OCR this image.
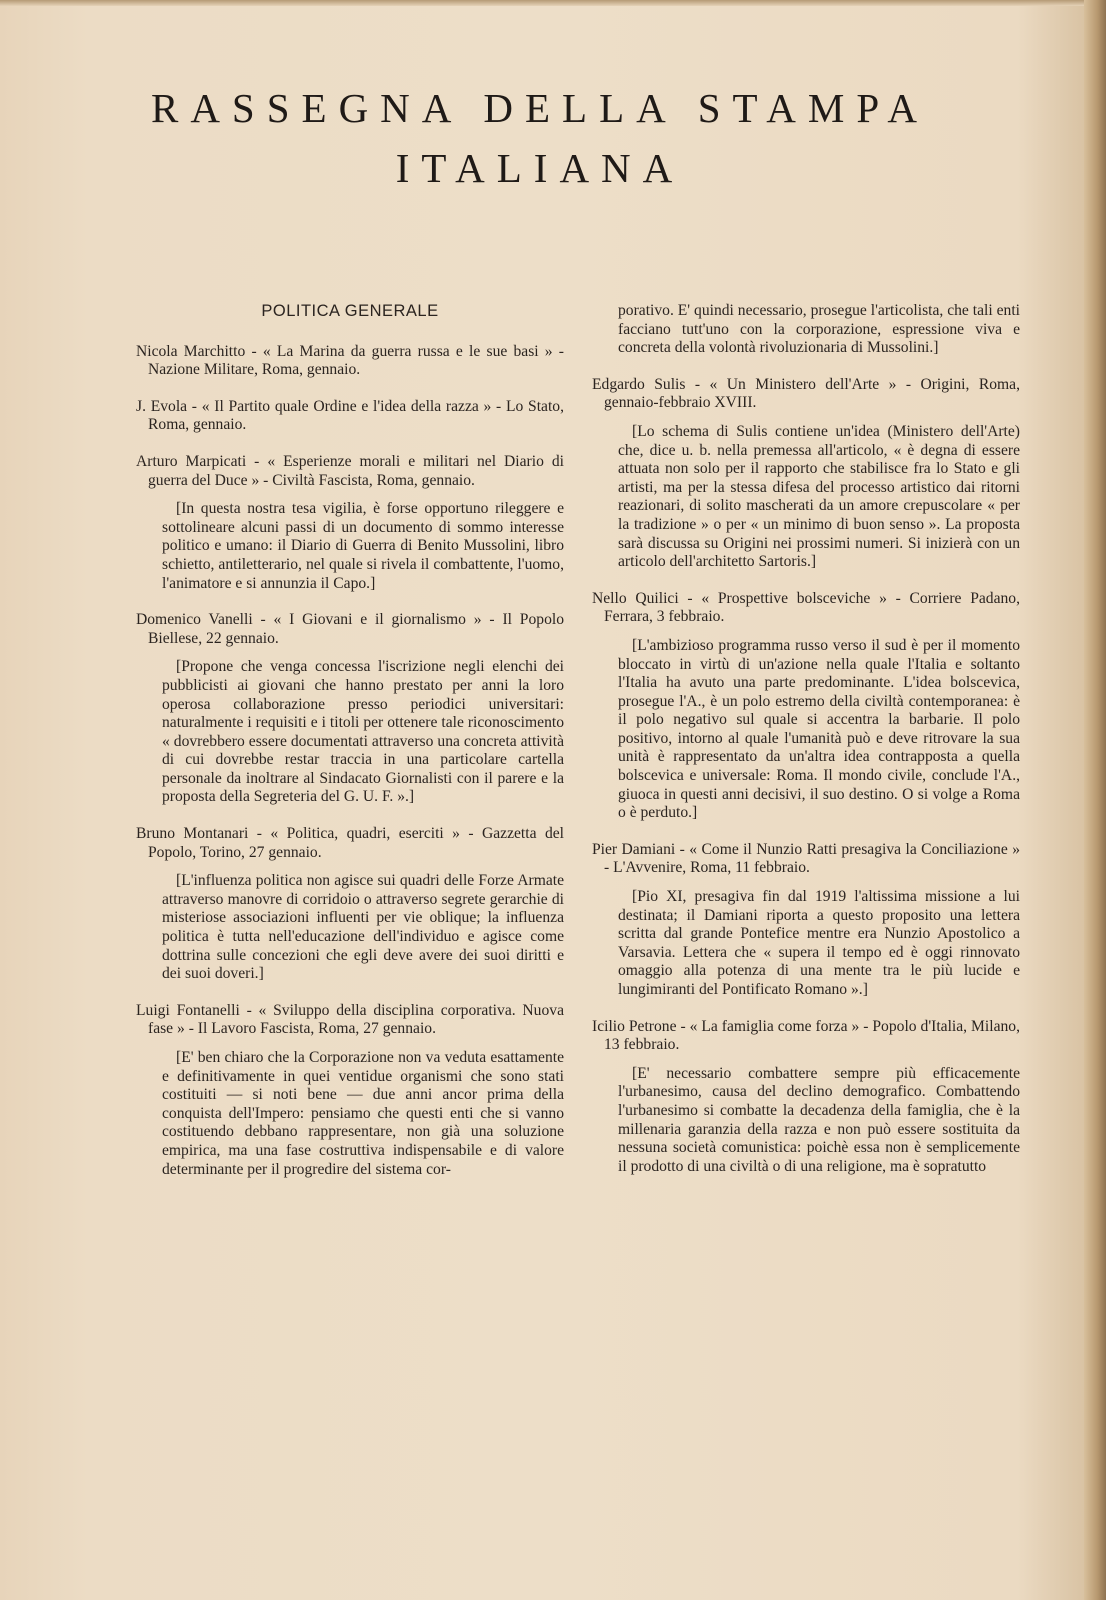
RASSEGNA DELLA STAMPA
ITALIANA
POLITICA GENERALE

Nicola Marchitto - « La Marina da guerra russa e le sue basi » - Nazione Militare, Roma, gennaio.

J. Evola - « Il Partito quale Ordine e l'idea della razza » - Lo Stato, Roma, gennaio.

Arturo Marpicati - « Esperienze morali e militari nel Diario di guerra del Duce » - Civiltà Fascista, Roma, gennaio.

[In questa nostra tesa vigilia, è forse opportuno rileggere e sottolineare alcuni passi di un documento di sommo interesse politico e umano: il Diario di Guerra di Benito Mussolini, libro schietto, antiletterario, nel quale si rivela il combattente, l'uomo, l'animatore e si annunzia il Capo.]

Domenico Vanelli - « I Giovani e il giornalismo » - Il Popolo Biellese, 22 gennaio.

[Propone che venga concessa l'iscrizione negli elenchi dei pubblicisti ai giovani che hanno prestato per anni la loro operosa collaborazione presso periodici universitari: naturalmente i requisiti e i titoli per ottenere tale riconoscimento « dovrebbero essere documentati attraverso una concreta attività di cui dovrebbe restar traccia in una particolare cartella personale da inoltrare al Sindacato Giornalisti con il parere e la proposta della Segreteria del G. U. F. ».]

Bruno Montanari - « Politica, quadri, eserciti » - Gazzetta del Popolo, Torino, 27 gennaio.

[L'influenza politica non agisce sui quadri delle Forze Armate attraverso manovre di corridoio o attraverso segrete gerarchie di misteriose associazioni influenti per vie oblique; la influenza politica è tutta nell'educazione dell'individuo e agisce come dottrina sulle concezioni che egli deve avere dei suoi diritti e dei suoi doveri.]

Luigi Fontanelli - « Sviluppo della disciplina corporativa. Nuova fase » - Il Lavoro Fascista, Roma, 27 gennaio.

[E' ben chiaro che la Corporazione non va veduta esattamente e definitivamente in quei ventidue organismi che sono stati costituiti — si noti bene — due anni ancor prima della conquista dell'Impero: pensiamo che questi enti che si vanno costituendo debbano rappresentare, non già una soluzione empirica, ma una fase costruttiva indispensabile e di valore determinante per il progredire del sistema cor-

porativo. E' quindi necessario, prosegue l'articolista, che tali enti facciano tutt'uno con la corporazione, espressione viva e concreta della volontà rivoluzionaria di Mussolini.]

Edgardo Sulis - « Un Ministero dell'Arte » - Origini, Roma, gennaio-febbraio XVIII.

[Lo schema di Sulis contiene un'idea (Ministero dell'Arte) che, dice u. b. nella premessa all'articolo, « è degna di essere attuata non solo per il rapporto che stabilisce fra lo Stato e gli artisti, ma per la stessa difesa del processo artistico dai ritorni reazionari, di solito mascherati da un amore crepuscolare « per la tradizione » o per « un minimo di buon senso ». La proposta sarà discussa su Origini nei prossimi numeri. Si inizierà con un articolo dell'architetto Sartoris.]

Nello Quilici - « Prospettive bolsceviche » - Corriere Padano, Ferrara, 3 febbraio.

[L'ambizioso programma russo verso il sud è per il momento bloccato in virtù di un'azione nella quale l'Italia e soltanto l'Italia ha avuto una parte predominante. L'idea bolscevica, prosegue l'A., è un polo estremo della civiltà contemporanea: è il polo negativo sul quale si accentra la barbarie. Il polo positivo, intorno al quale l'umanità può e deve ritrovare la sua unità è rappresentato da un'altra idea contrapposta a quella bolscevica e universale: Roma. Il mondo civile, conclude l'A., giuoca in questi anni decisivi, il suo destino. O si volge a Roma o è perduto.]

Pier Damiani - « Come il Nunzio Ratti presagiva la Conciliazione » - L'Avvenire, Roma, 11 febbraio.

[Pio XI, presagiva fin dal 1919 l'altissima missione a lui destinata; il Damiani riporta a questo proposito una lettera scritta dal grande Pontefice mentre era Nunzio Apostolico a Varsavia. Lettera che « supera il tempo ed è oggi rinnovato omaggio alla potenza di una mente tra le più lucide e lungimiranti del Pontificato Romano ».]

Icilio Petrone - « La famiglia come forza » - Popolo d'Italia, Milano, 13 febbraio.

[E' necessario combattere sempre più efficacemente l'urbanesimo, causa del declino demografico. Combattendo l'urbanesimo si combatte la decadenza della famiglia, che è la millenaria garanzia della razza e non può essere sostituita da nessuna società comunistica: poichè essa non è semplicemente il prodotto di una civiltà o di una religione, ma è sopratutto
